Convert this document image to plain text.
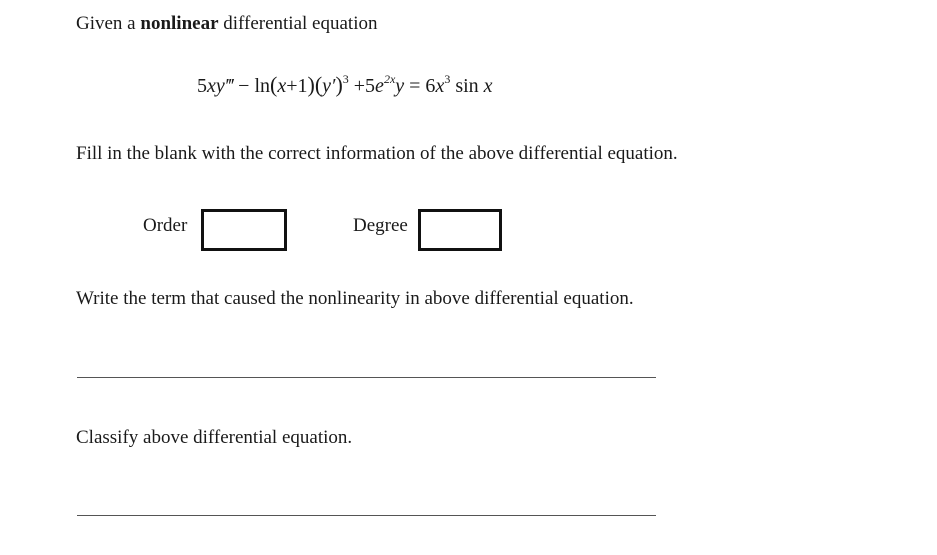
Given a nonlinear differential equation
5xy‴ − $\ln(x+1)(y')^3 +5e^{2x}y = 6x^3$ sin x
Fill in the blank with the correct information of the above differential equation.
Order	Degree
Write the term that caused the nonlinearity in above differential equation.
Classify above differential equation.
